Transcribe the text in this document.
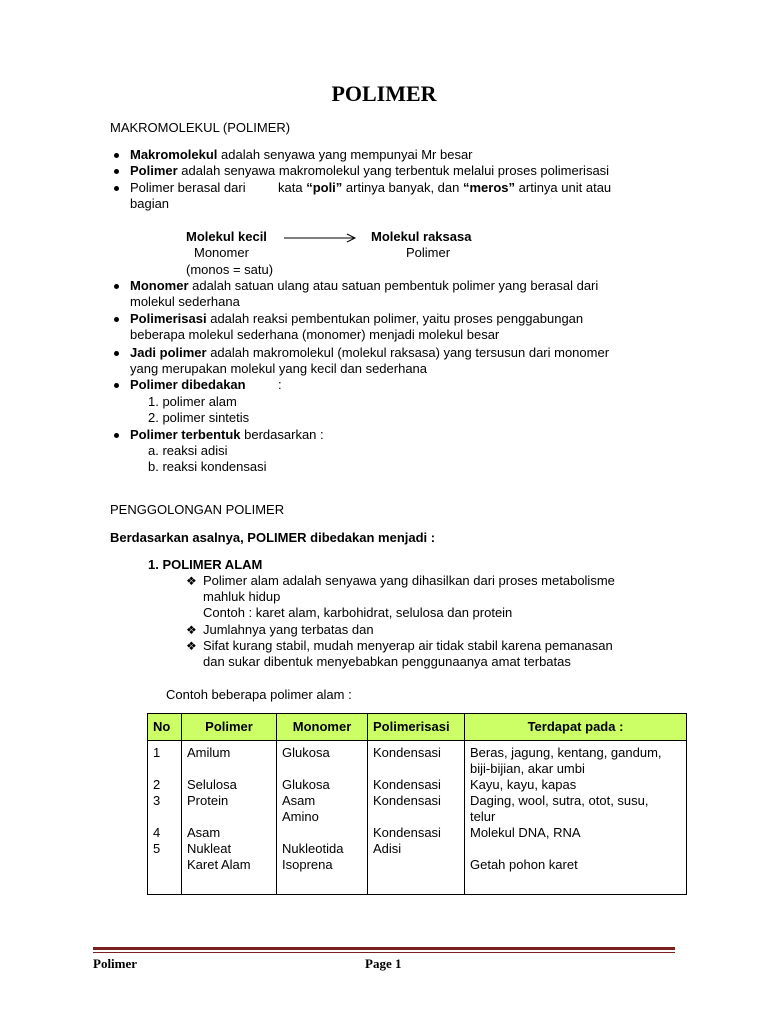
POLIMER
MAKROMOLEKUL (POLIMER)
Makromolekul adalah senyawa yang mempunyai Mr besar
Polimer adalah senyawa makromolekul yang terbentuk melalui proses polimerisasi
Polimer berasal dari kata “poli” artinya banyak, dan “meros” artinya unit atau
bagian
Molekul kecil	Molekul raksasa
Monomer	Polimer
(monos = satu)
Monomer adalah satuan ulang atau satuan pembentuk polimer yang berasal dari
molekul sederhana
Polimerisasi adalah reaksi pembentukan polimer, yaitu proses penggabungan
beberapa molekul sederhana (monomer) menjadi molekul besar
Jadi polimer adalah makromolekul (molekul raksasa) yang tersusun dari monomer
yang merupakan molekul yang kecil dan sederhana
Polimer dibedakan :
1. polimer alam
2. polimer sintetis
Polimer terbentuk berdasarkan :
a. reaksi adisi
b. reaksi kondensasi
PENGGOLONGAN POLIMER
Berdasarkan asalnya, POLIMER dibedakan menjadi :
1. POLIMER ALAM
❖ Polimer alam adalah senyawa yang dihasilkan dari proses metabolisme
mahluk hidup
Contoh : karet alam, karbohidrat, selulosa dan protein
❖ Jumlahnya yang terbatas dan
❖ Sifat kurang stabil, mudah menyerap air tidak stabil karena pemanasan
dan sukar dibentuk menyebabkan penggunaanya amat terbatas
Contoh beberapa polimer alam :
No	Polimer	Monomer	Polimerisasi	Terdapat pada :
1	Amilum	Glukosa	Kondensasi	Beras, jagung, kentang, gandum,
				biji-bijian, akar umbi
2	Selulosa	Glukosa	Kondensasi	Kayu, kayu, kapas
3	Protein	Asam	Kondensasi	Daging, wool, sutra, otot, susu,
		Amino		telur
4	Asam		Kondensasi	Molekul DNA, RNA
5	Nukleat	Nukleotida	Adisi	
	Karet Alam	Isoprena		Getah pohon karet
Polimer	Page 1
